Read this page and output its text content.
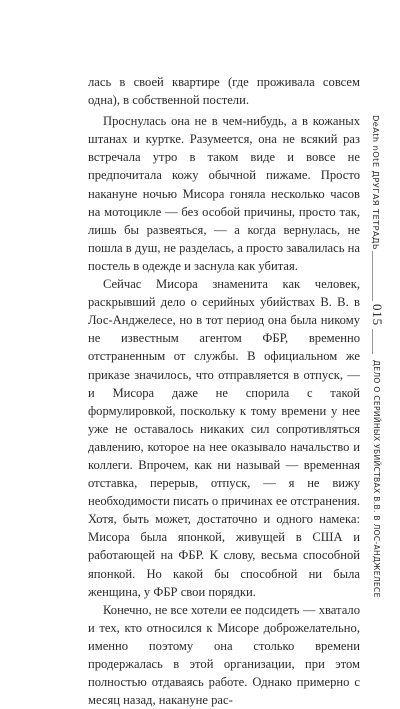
лась в своей квартире (где проживала совсем одна), в собственной постели.

Проснулась она не в чем-нибудь, а в кожаных штанах и куртке. Разумеется, она не всякий раз встречала утро в таком виде и вовсе не предпочитала кожу обычной пижаме. Просто накануне ночью Мисора гоняла несколько часов на мотоцикле — без особой причины, просто так, лишь бы развеяться, — а когда вернулась, не пошла в душ, не разделась, а просто завалилась на постель в одежде и заснула как убитая.

Сейчас Мисора знаменита как человек, раскрывший дело о серийных убийствах В. В. в Лос-Анджелесе, но в тот период она была никому не известным агентом ФБР, временно отстраненным от службы. В официальном же приказе значилось, что отправляется в отпуск, — и Мисора даже не спорила с такой формулировкой, поскольку к тому времени у нее уже не оставалось никаких сил сопротивляться давлению, которое на нее оказывало начальство и коллеги. Впрочем, как ни называй — временная отставка, перерыв, отпуск, — я не вижу необходимости писать о причинах ее отстранения. Хотя, быть может, достаточно и одного намека: Мисора была японкой, живущей в США и работающей на ФБР. К слову, весьма способной японкой. Но какой бы способной ни была женщина, у ФБР свои порядки.

Конечно, не все хотели ее подсидеть — хватало и тех, кто относился к Мисоре доброжелательно, именно поэтому она столько времени продержалась в этой организации, при этом полностью отдаваясь работе. Однако примерно с месяц назад, накануне рас-

DeAth nOtE ДРУГАЯ ТЕТРАДЬ
015
ДЕЛО О СЕРИЙНЫХ УБИЙСТВАХ В.В. В ЛОС-АНДЖЕЛЕСЕ
